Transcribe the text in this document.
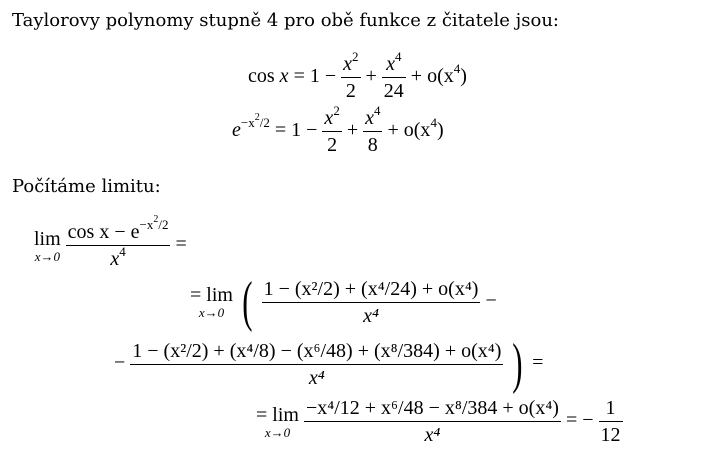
Taylorovy polynomy stupně 4 pro obě funkce z čitatele jsou:
$\cos x = 1 - \frac{x^2}{2} + \frac{x^4}{24} + o(x^4)$
$e^{-x^2/2} = 1 - \frac{x^2}{2} + \frac{x^4}{8} + o(x^4)$
Počítáme limitu:
lim
x→0
$\frac{\cos x - e^{-x^2/2}}{x^4}$ =
= lim
x→0 ( $\frac{\text{1 − (x²/2) + (x⁴/24) + o(x⁴)}}{\text{x⁴}}$ −
− $\frac{\text{1 − (x²/2) + (x⁴/8) − (x⁶/48) + (x⁸/384) + o(x⁴)}}{\text{x⁴}}$ ) =
= lim
x→0
$\frac{\text{−x⁴/12 + x⁶/48 − x⁸/384 + o(x⁴)}}{\text{x⁴}}$ = − $\frac{1}{12}$
